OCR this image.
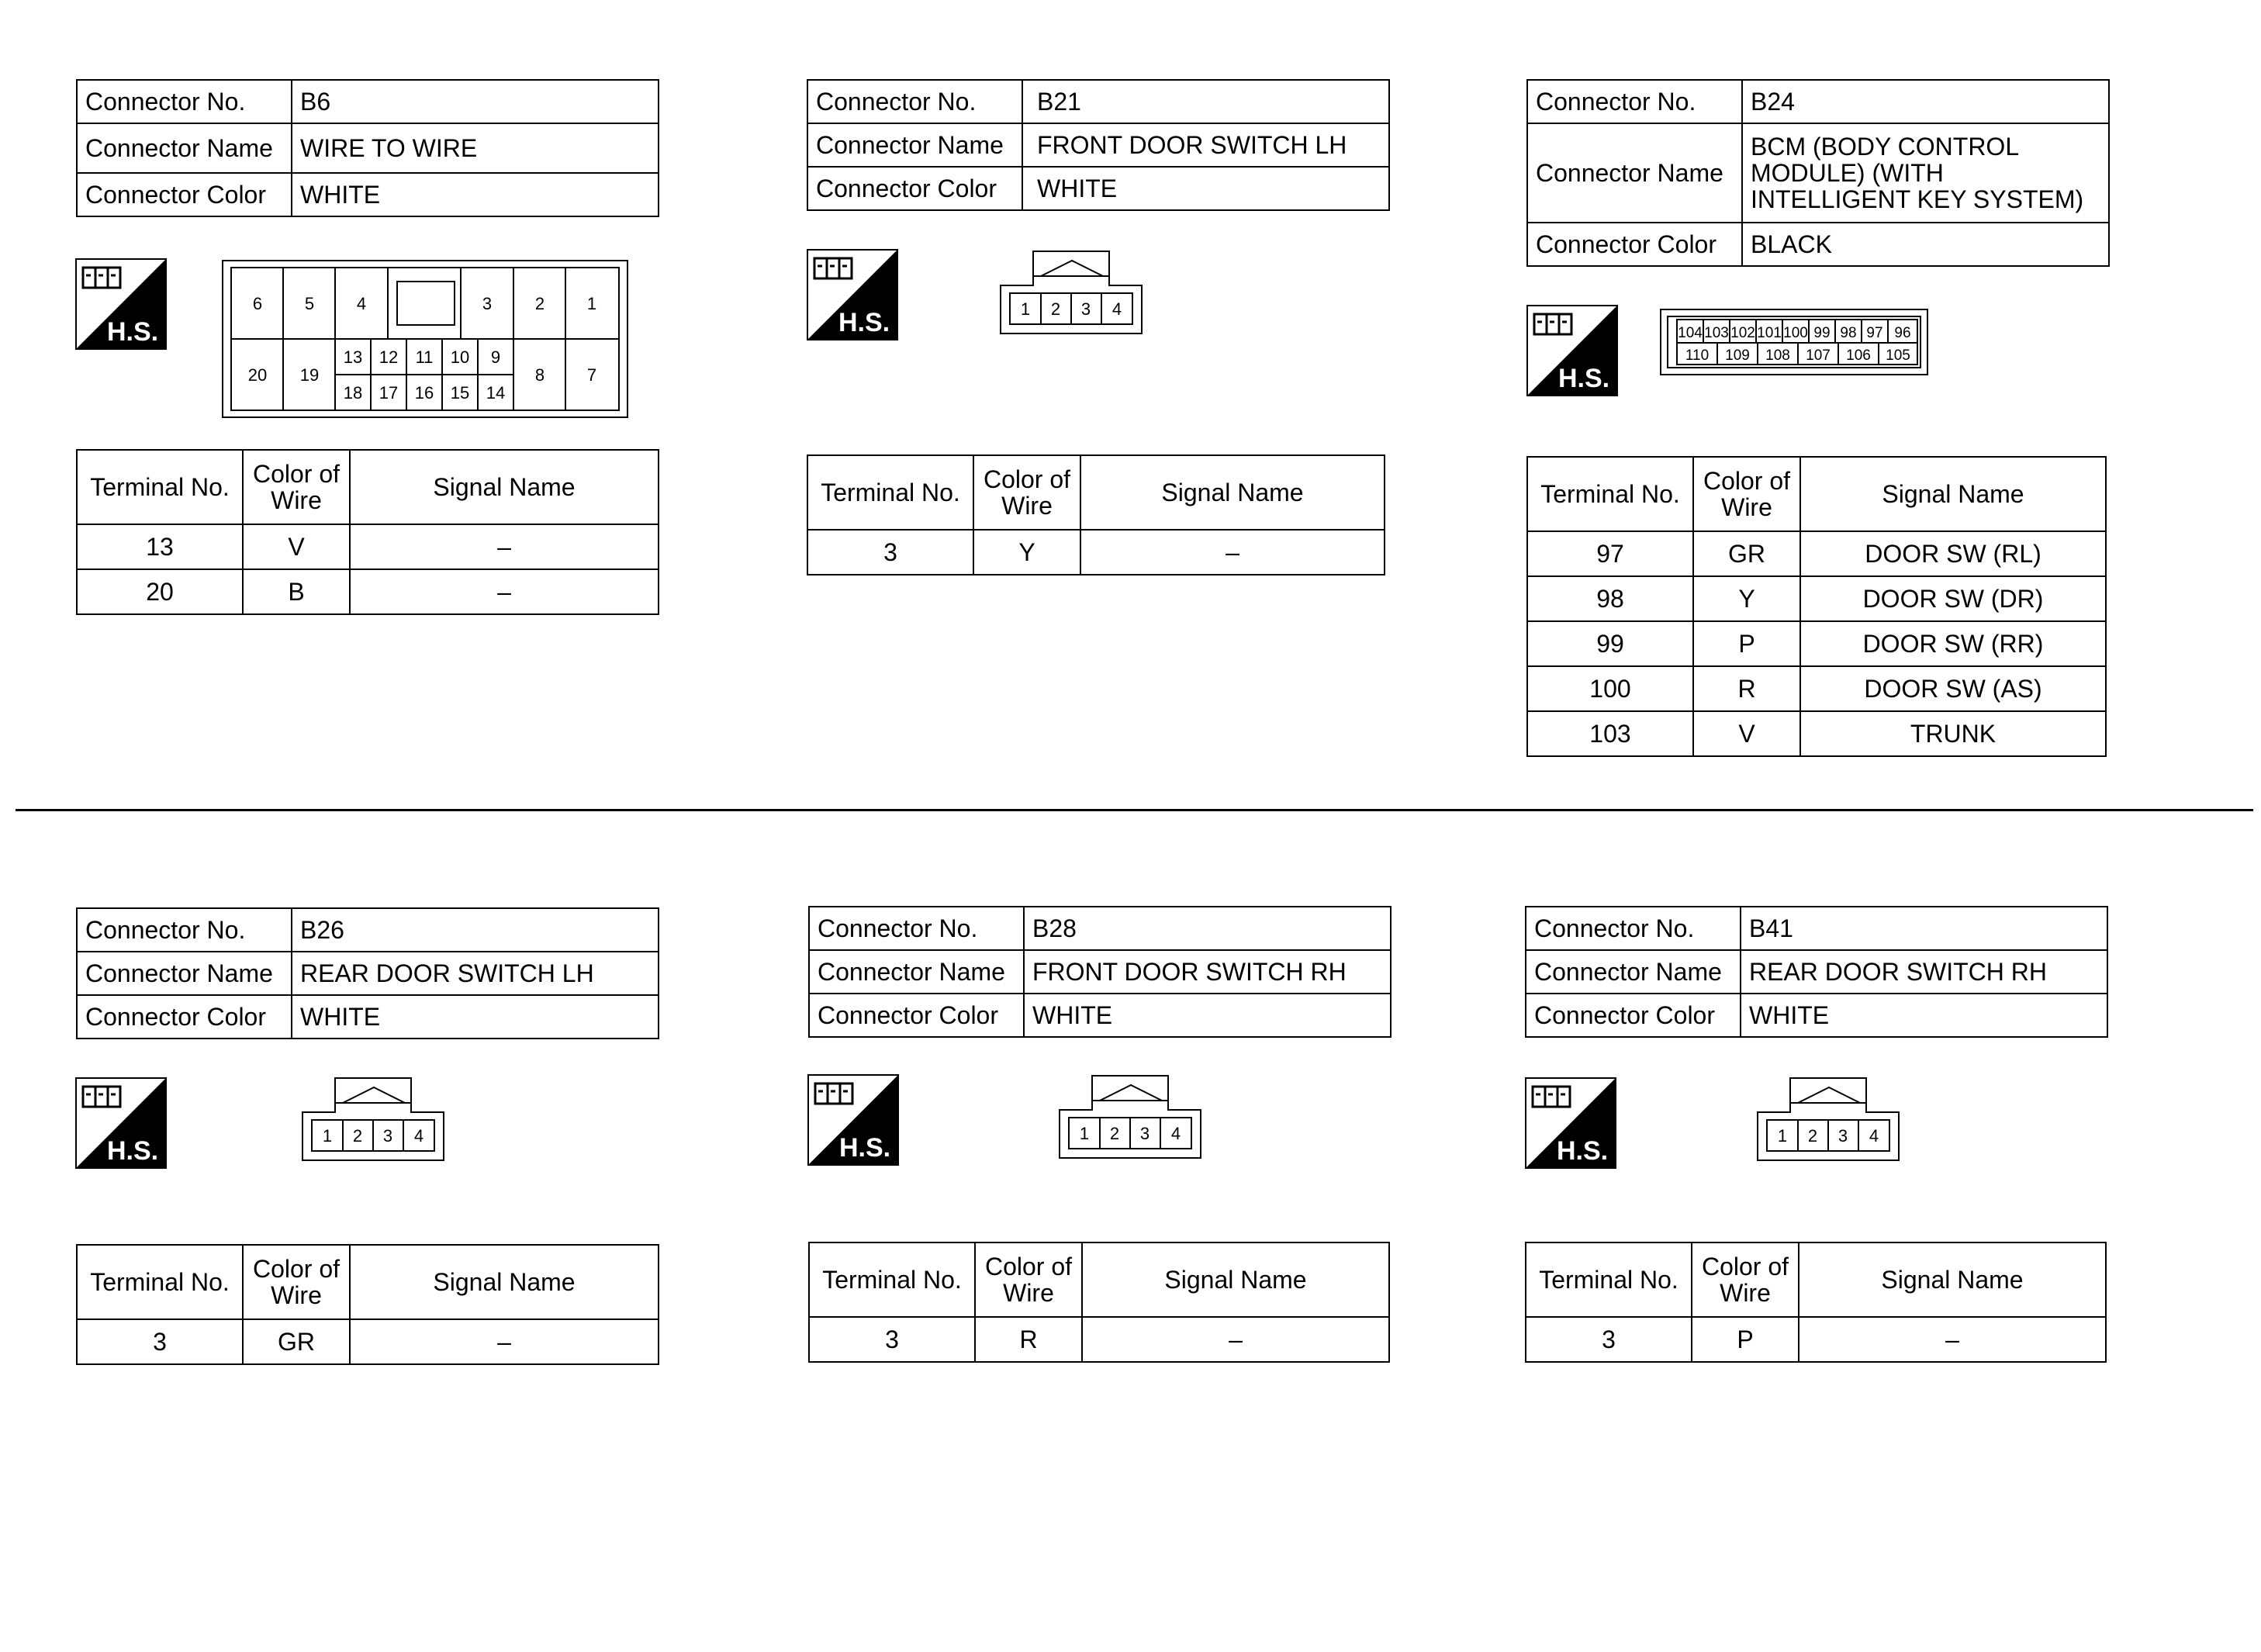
Connector No.	B6
Connector Name	WIRE TO WIRE
Connector Color	WHITE
H.S.
6 5 4	3	2 1
20 19
13 12 11 10 9
18 17 16 15 14
8 7
Terminal No.	Color of Wire	Signal Name
13	V	–
20	B	–
Connector No.	B21
Connector Name	FRONT DOOR SWITCH LH
Connector Color	WHITE
H.S.	1 2 3 4
Terminal No.	Color of Wire	Signal Name
3	Y	–
Connector No.	B24
Connector Name	BCM (BODY CONTROL MODULE) (WITH INTELLIGENT KEY SYSTEM)
Connector Color	BLACK
H.S.
104 103 102 101 100 99 98 97 96
110 109 108 107 106 105
Terminal No.	Color of Wire	Signal Name
97	GR	DOOR SW (RL)
98	Y	DOOR SW (DR)
99	P	DOOR SW (RR)
100	R	DOOR SW (AS)
103	V	TRUNK
Connector No.	B26
Connector Name	REAR DOOR SWITCH LH
Connector Color	WHITE
H.S.
1 2 3 4
Terminal No.	Color of Wire	Signal Name
3	GR	–
Connector No.	B28
Connector Name	FRONT DOOR SWITCH RH
Connector Color	WHITE
H.S.	1 2 3 4
Terminal No.	Color of Wire	Signal Name
3	R	–
Connector No.	B41
Connector Name	REAR DOOR SWITCH RH
Connector Color	WHITE
H.S.
1 2 3 4
Terminal No.	Color of Wire	Signal Name
3	P	–
